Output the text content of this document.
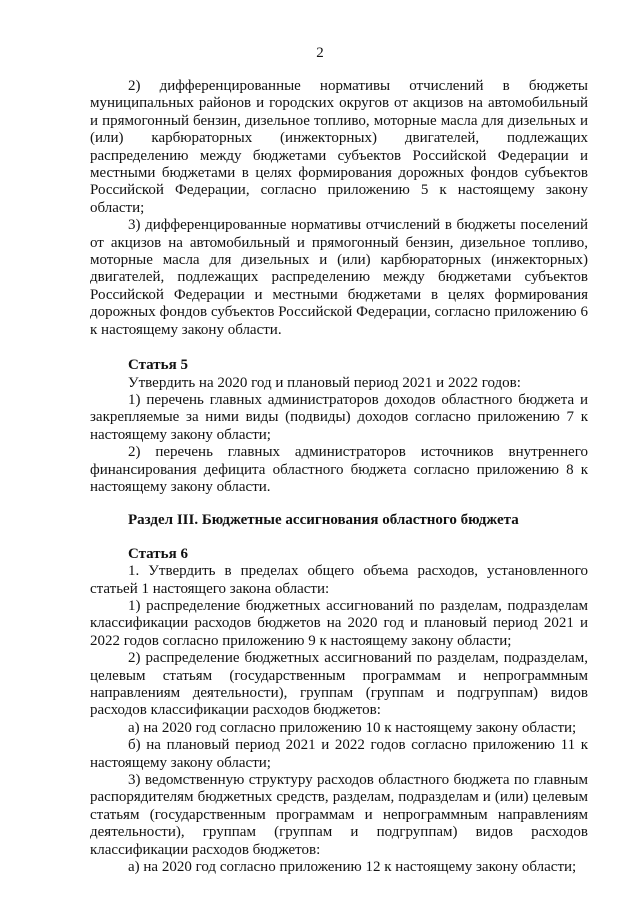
2

2) дифференцированные нормативы отчислений в бюджеты муниципальных районов и городских округов от акцизов на автомобильный и прямогонный бензин, дизельное топливо, моторные масла для дизельных и (или) карбюраторных (инжекторных) двигателей, подлежащих распределению между бюджетами субъектов Российской Федерации и местными бюджетами в целях формирования дорожных фондов субъектов Российской Федерации, согласно приложению 5 к настоящему закону области;

3) дифференцированные нормативы отчислений в бюджеты поселений от акцизов на автомобильный и прямогонный бензин, дизельное топливо, моторные масла для дизельных и (или) карбюраторных (инжекторных) двигателей, подлежащих распределению между бюджетами субъектов Российской Федерации и местными бюджетами в целях формирования дорожных фондов субъектов Российской Федерации, согласно приложению 6 к настоящему закону области.

Статья 5

Утвердить на 2020 год и плановый период 2021 и 2022 годов:

1) перечень главных администраторов доходов областного бюджета и закрепляемые за ними виды (подвиды) доходов согласно приложению 7 к настоящему закону области;

2) перечень главных администраторов источников внутреннего финансирования дефицита областного бюджета согласно приложению 8 к настоящему закону области.

Раздел III. Бюджетные ассигнования областного бюджета

Статья 6

1. Утвердить в пределах общего объема расходов, установленного статьей 1 настоящего закона области:

1) распределение бюджетных ассигнований по разделам, подразделам классификации расходов бюджетов на 2020 год и плановый период 2021 и 2022 годов согласно приложению 9 к настоящему закону области;

2) распределение бюджетных ассигнований по разделам, подразделам, целевым статьям (государственным программам и непрограммным направлениям деятельности), группам (группам и подгруппам) видов расходов классификации расходов бюджетов:

а) на 2020 год согласно приложению 10 к настоящему закону области;

б) на плановый период 2021 и 2022 годов согласно приложению 11 к настоящему закону области;

3) ведомственную структуру расходов областного бюджета по главным распорядителям бюджетных средств, разделам, подразделам и (или) целевым статьям (государственным программам и непрограммным направлениям деятельности), группам (группам и подгруппам) видов расходов классификации расходов бюджетов:

а) на 2020 год согласно приложению 12 к настоящему закону области;
